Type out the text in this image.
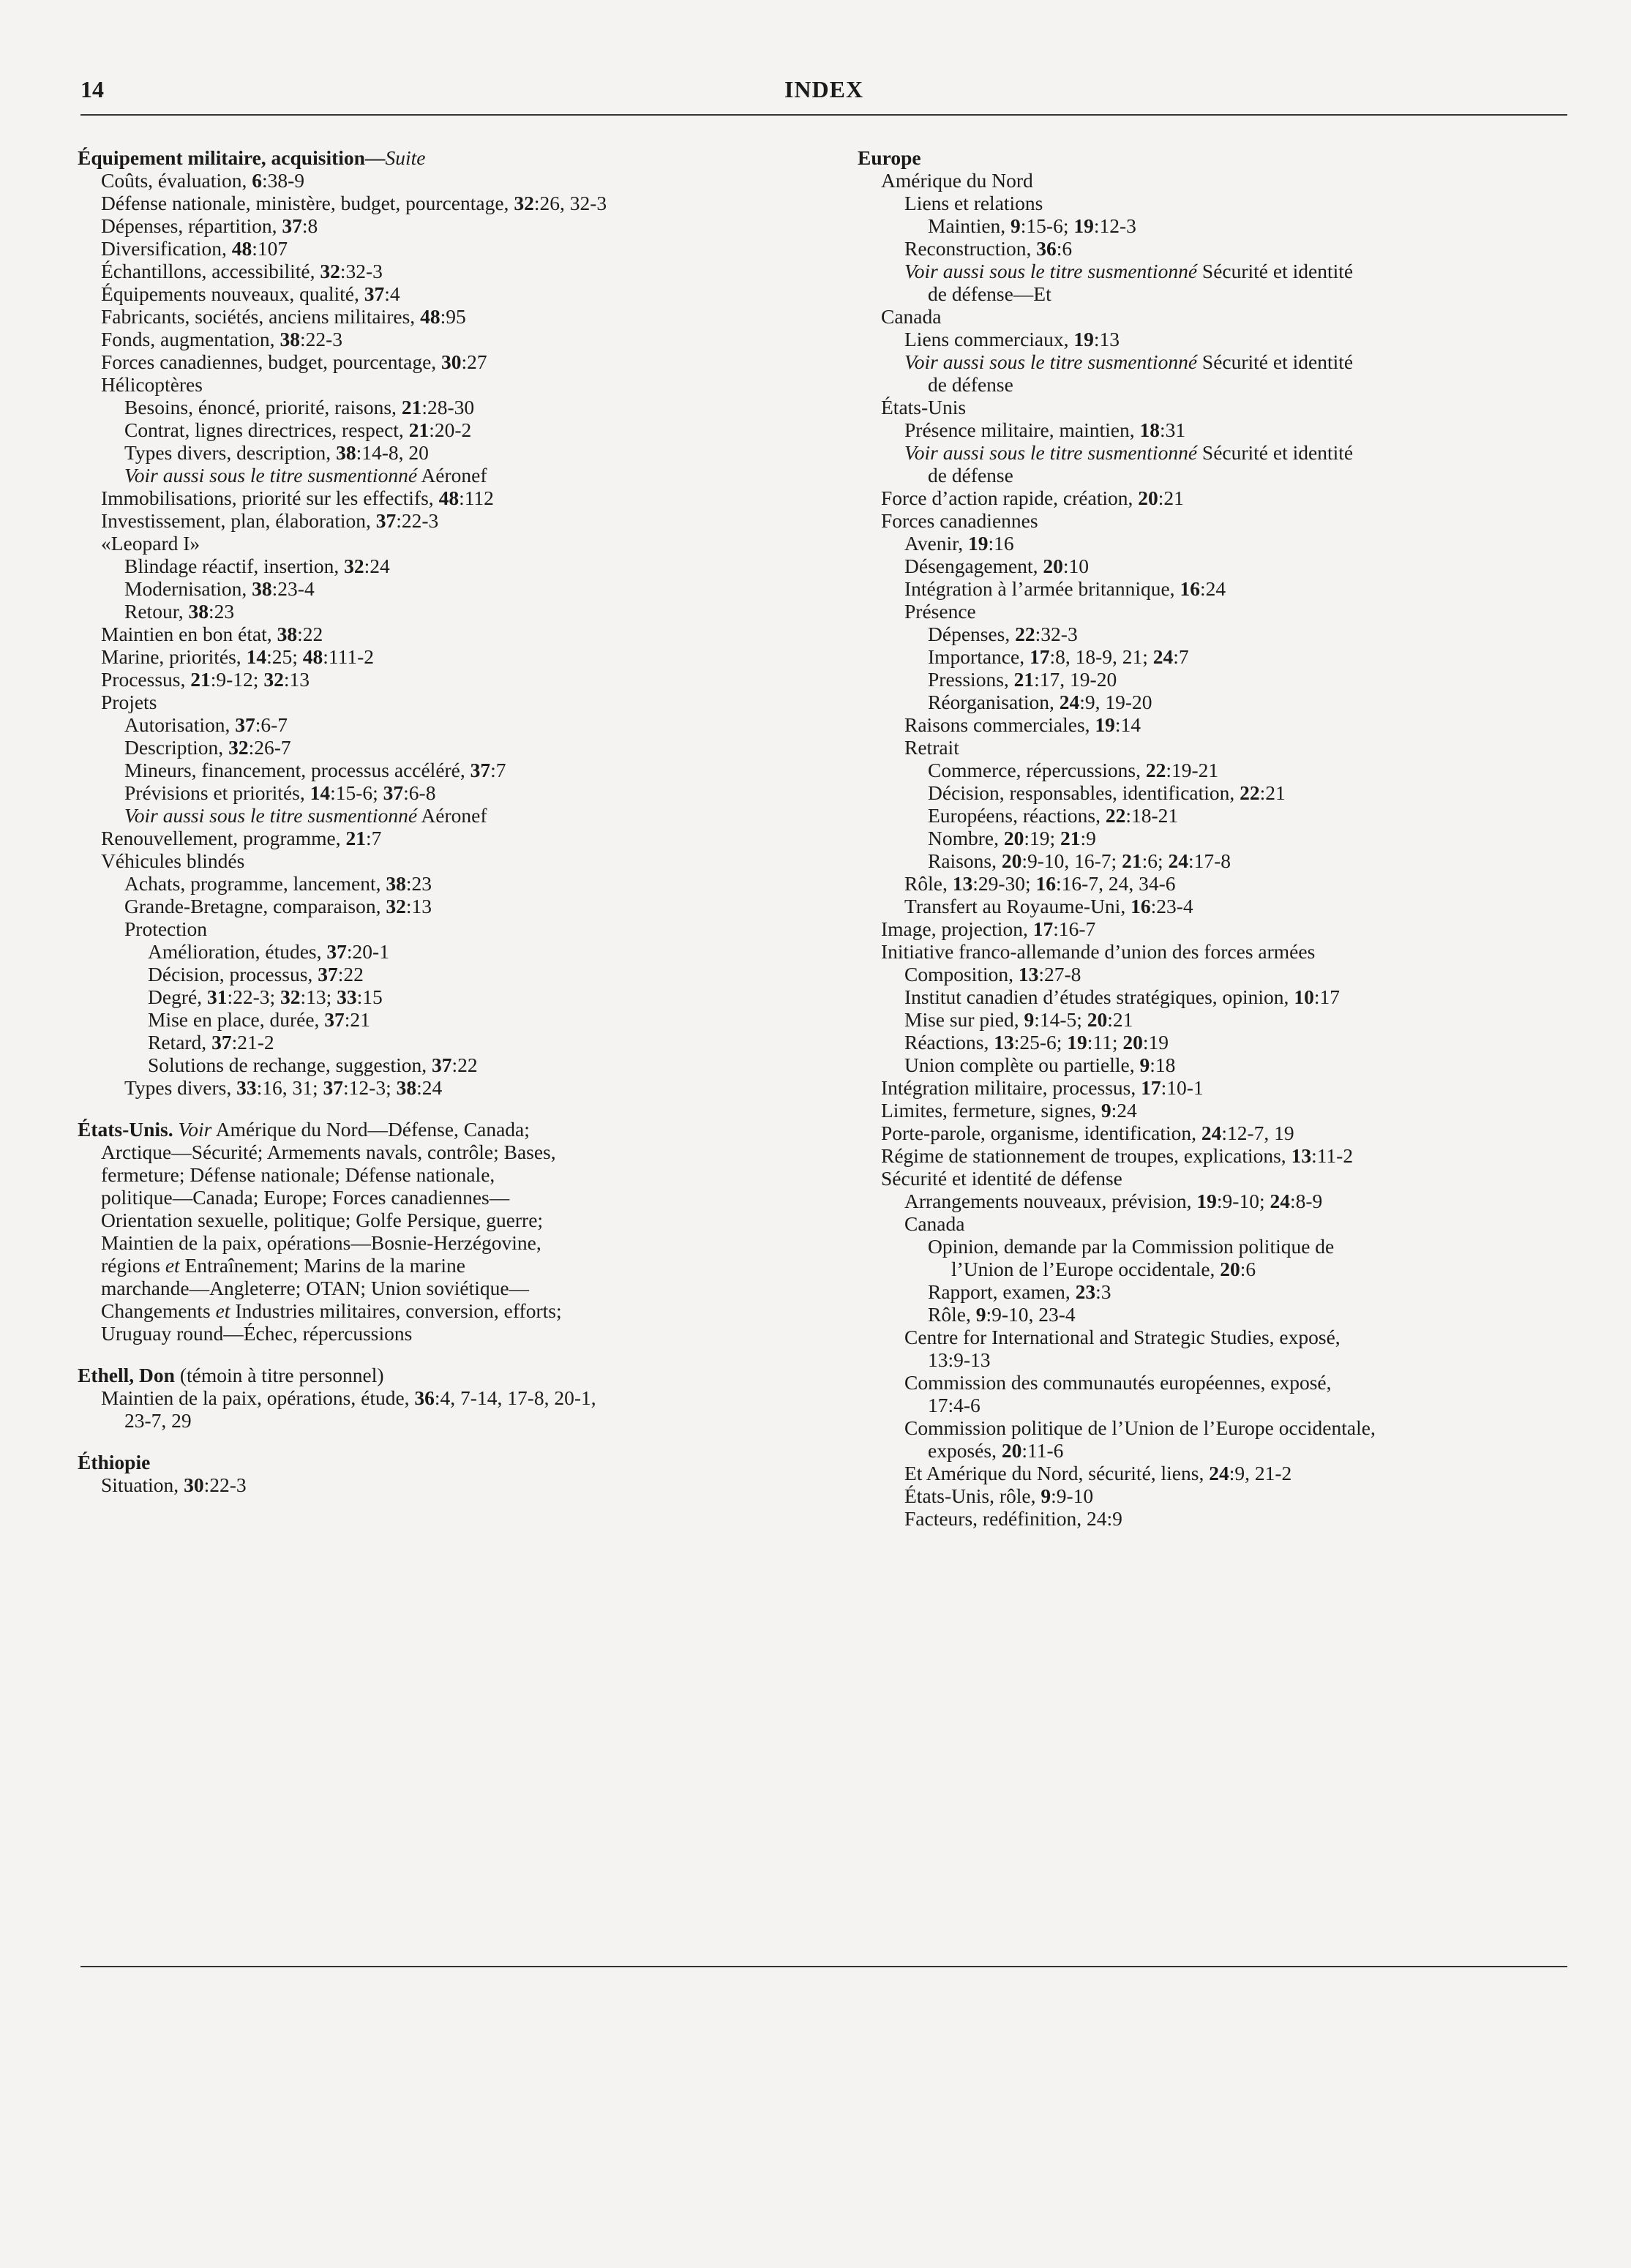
14	INDEX
Équipement militaire, acquisition—Suite
Coûts, évaluation, 6:38-9
Défense nationale, ministère, budget, pourcentage, 32:26, 32-3
Dépenses, répartition, 37:8
Diversification, 48:107
Échantillons, accessibilité, 32:32-3
Équipements nouveaux, qualité, 37:4
Fabricants, sociétés, anciens militaires, 48:95
Fonds, augmentation, 38:22-3
Forces canadiennes, budget, pourcentage, 30:27
Hélicoptères
Besoins, énoncé, priorité, raisons, 21:28-30
Contrat, lignes directrices, respect, 21:20-2
Types divers, description, 38:14-8, 20
Voir aussi sous le titre susmentionné Aéronef
Immobilisations, priorité sur les effectifs, 48:112
Investissement, plan, élaboration, 37:22-3
«Leopard I»
Blindage réactif, insertion, 32:24
Modernisation, 38:23-4
Retour, 38:23
Maintien en bon état, 38:22
Marine, priorités, 14:25; 48:111-2
Processus, 21:9-12; 32:13
Projets
Autorisation, 37:6-7
Description, 32:26-7
Mineurs, financement, processus accéléré, 37:7
Prévisions et priorités, 14:15-6; 37:6-8
Voir aussi sous le titre susmentionné Aéronef
Renouvellement, programme, 21:7
Véhicules blindés
Achats, programme, lancement, 38:23
Grande-Bretagne, comparaison, 32:13
Protection
Amélioration, études, 37:20-1
Décision, processus, 37:22
Degré, 31:22-3; 32:13; 33:15
Mise en place, durée, 37:21
Retard, 37:21-2
Solutions de rechange, suggestion, 37:22
Types divers, 33:16, 31; 37:12-3; 38:24
États-Unis. Voir Amérique du Nord—Défense, Canada;
Arctique—Sécurité; Armements navals, contrôle; Bases,
fermeture; Défense nationale; Défense nationale,
politique—Canada; Europe; Forces canadiennes—
Orientation sexuelle, politique; Golfe Persique, guerre;
Maintien de la paix, opérations—Bosnie-Herzégovine,
régions et Entraînement; Marins de la marine
marchande—Angleterre; OTAN; Union soviétique—
Changements et Industries militaires, conversion, efforts;
Uruguay round—Échec, répercussions
Ethell, Don (témoin à titre personnel)
Maintien de la paix, opérations, étude, 36:4, 7-14, 17-8, 20-1,
23-7, 29
Éthiopie
Situation, 30:22-3
Europe
Amérique du Nord
Liens et relations
Maintien, 9:15-6; 19:12-3
Reconstruction, 36:6
Voir aussi sous le titre susmentionné Sécurité et identité
de défense—Et
Canada
Liens commerciaux, 19:13
Voir aussi sous le titre susmentionné Sécurité et identité
de défense
États-Unis
Présence militaire, maintien, 18:31
Voir aussi sous le titre susmentionné Sécurité et identité
de défense
Force d’action rapide, création, 20:21
Forces canadiennes
Avenir, 19:16
Désengagement, 20:10
Intégration à l’armée britannique, 16:24
Présence
Dépenses, 22:32-3
Importance, 17:8, 18-9, 21; 24:7
Pressions, 21:17, 19-20
Réorganisation, 24:9, 19-20
Raisons commerciales, 19:14
Retrait
Commerce, répercussions, 22:19-21
Décision, responsables, identification, 22:21
Européens, réactions, 22:18-21
Nombre, 20:19; 21:9
Raisons, 20:9-10, 16-7; 21:6; 24:17-8
Rôle, 13:29-30; 16:16-7, 24, 34-6
Transfert au Royaume-Uni, 16:23-4
Image, projection, 17:16-7
Initiative franco-allemande d’union des forces armées
Composition, 13:27-8
Institut canadien d’études stratégiques, opinion, 10:17
Mise sur pied, 9:14-5; 20:21
Réactions, 13:25-6; 19:11; 20:19
Union complète ou partielle, 9:18
Intégration militaire, processus, 17:10-1
Limites, fermeture, signes, 9:24
Porte-parole, organisme, identification, 24:12-7, 19
Régime de stationnement de troupes, explications, 13:11-2
Sécurité et identité de défense
Arrangements nouveaux, prévision, 19:9-10; 24:8-9
Canada
Opinion, demande par la Commission politique de
l’Union de l’Europe occidentale, 20:6
Rapport, examen, 23:3
Rôle, 9:9-10, 23-4
Centre for International and Strategic Studies, exposé,
13:9-13
Commission des communautés européennes, exposé,
17:4-6
Commission politique de l’Union de l’Europe occidentale,
exposés, 20:11-6
Et Amérique du Nord, sécurité, liens, 24:9, 21-2
États-Unis, rôle, 9:9-10
Facteurs, redéfinition, 24:9
